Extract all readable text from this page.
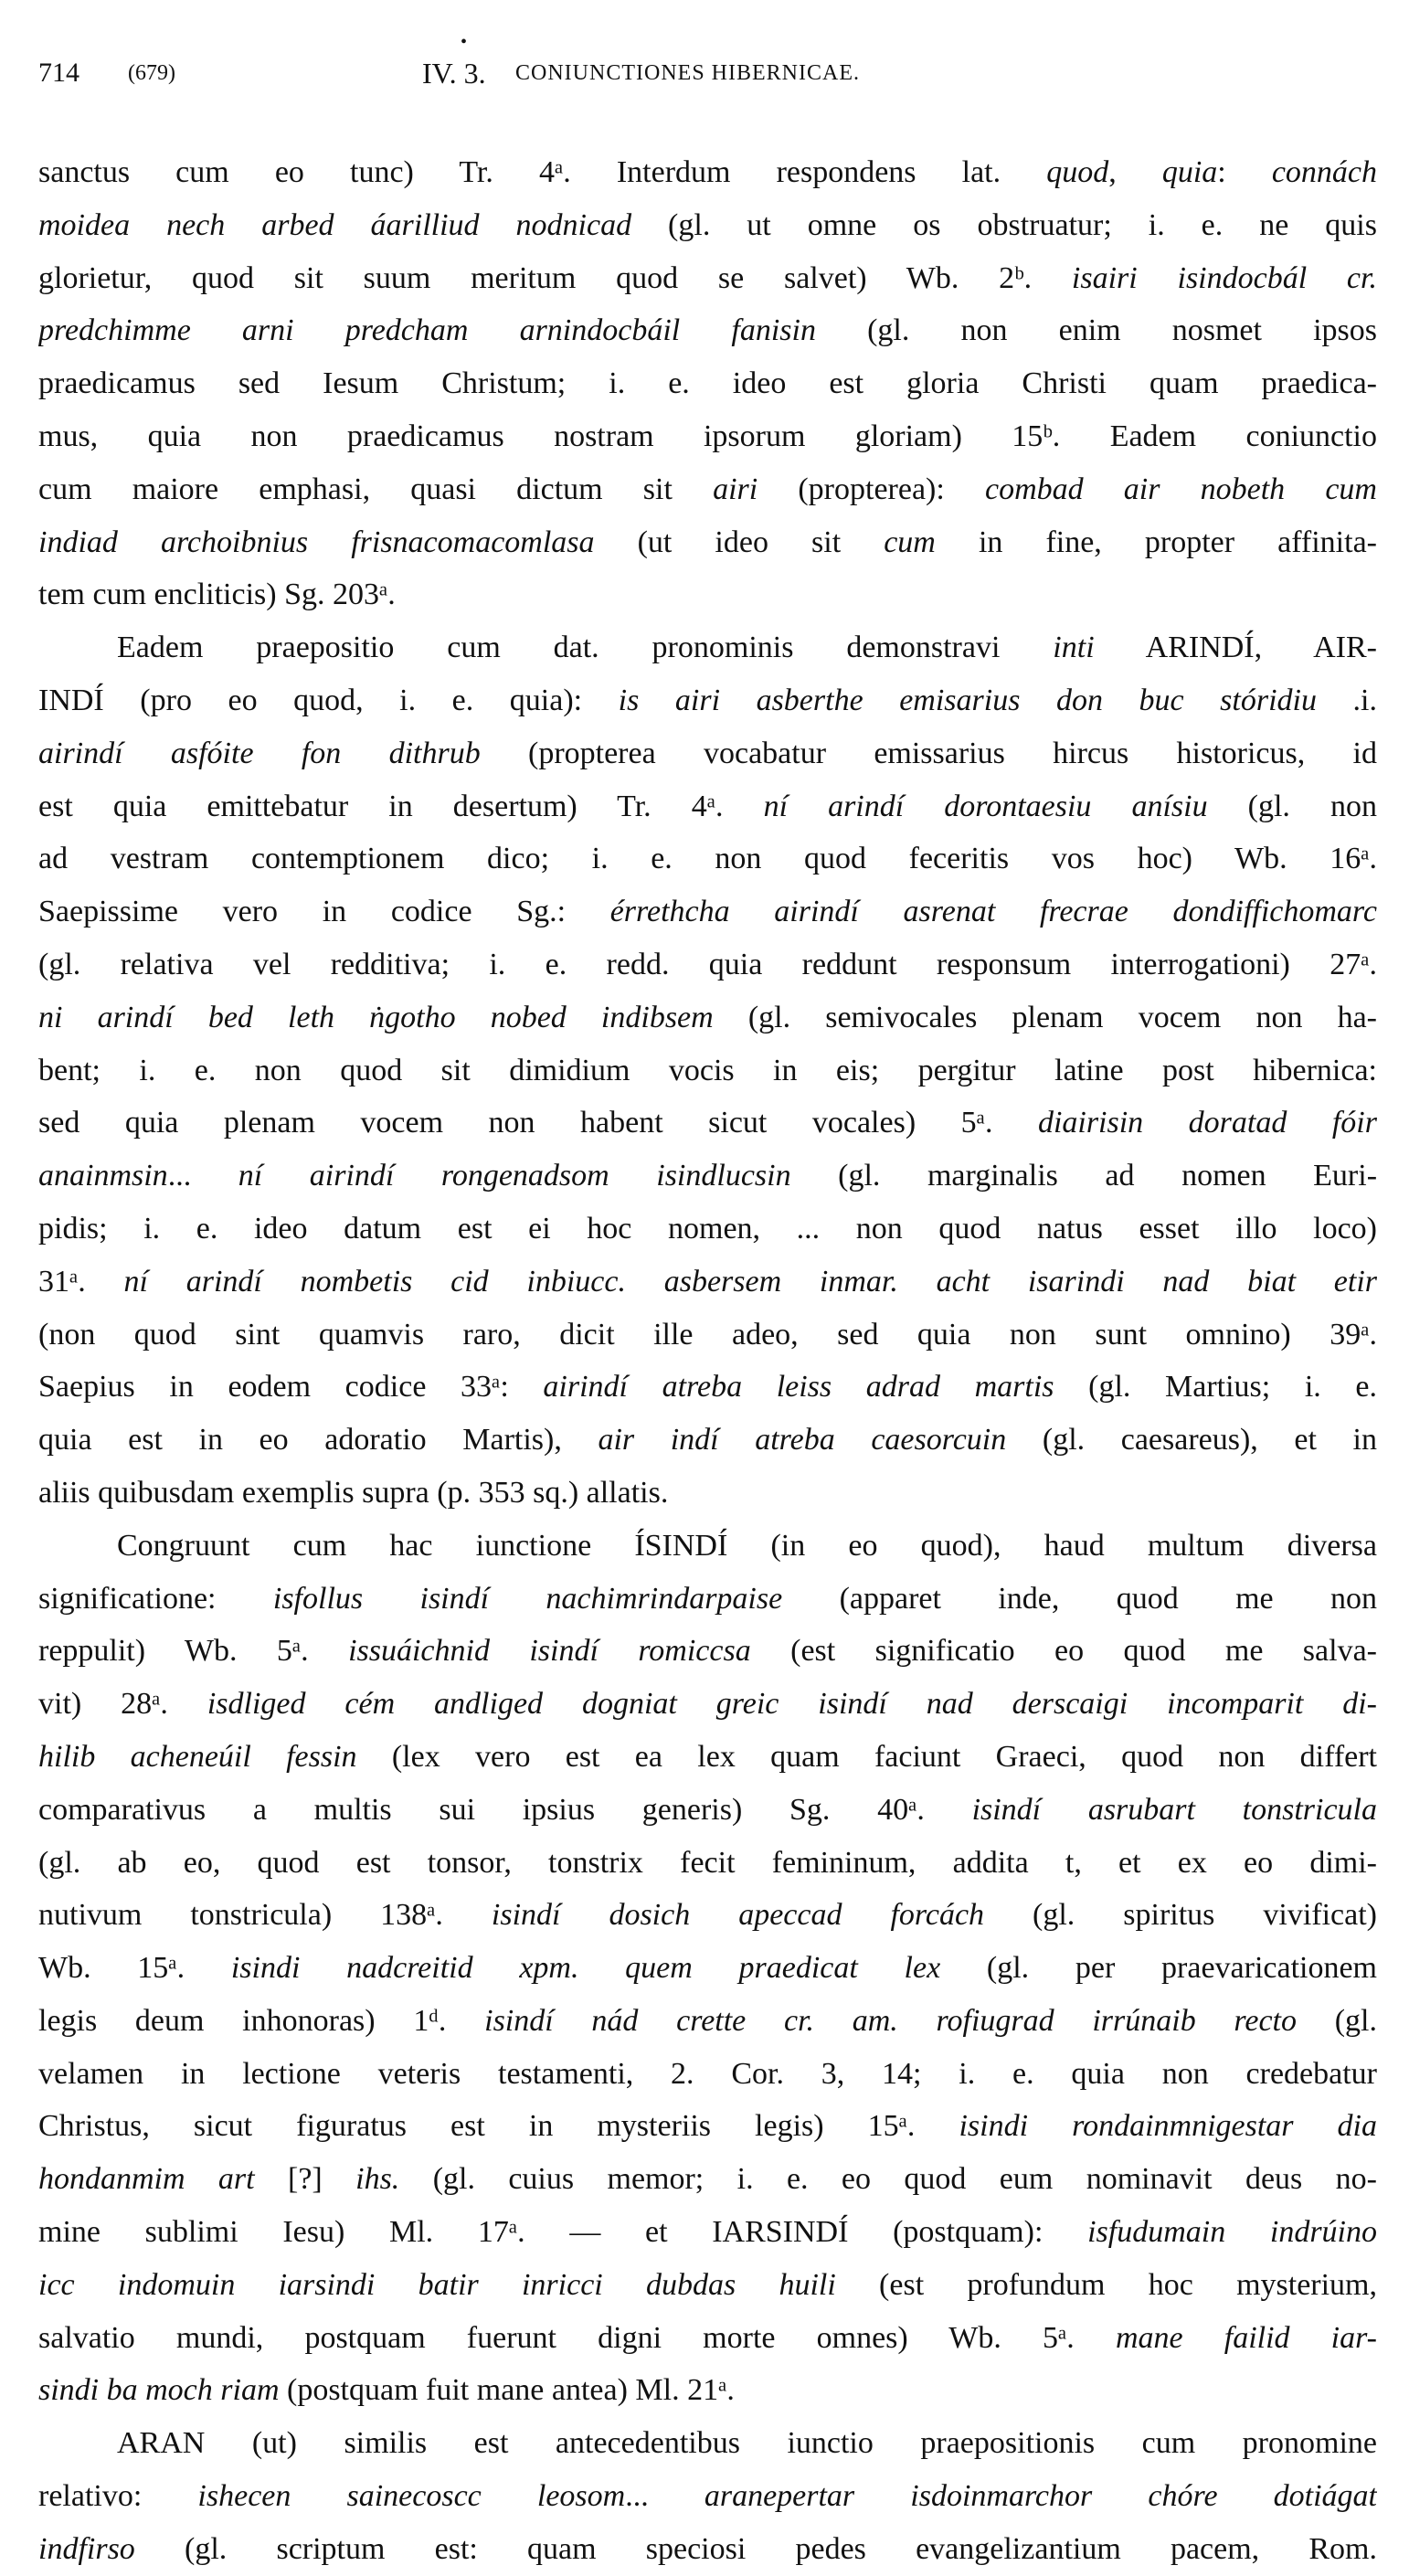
•
714 (679)	IV. 3. CONIUNCTIONES HIBERNICAE.
sanctus cum eo tunc) Tr. 4ᵃ. Interdum respondens lat. quod, quia: connách
moidea nech arbed áarilliud nodnicad (gl. ut omne os obstruatur; i. e. ne quis
glorietur, quod sit suum meritum quod se salvet) Wb. 2ᵇ. isairi isindocbál cr.
predchimme arni predcham arnindocbáil fanisin (gl. non enim nosmet ipsos
praedicamus sed Iesum Christum; i. e. ideo est gloria Christi quam praedica-
mus, quia non praedicamus nostram ipsorum gloriam) 15ᵇ. Eadem coniunctio
cum maiore emphasi, quasi dictum sit airi (propterea): combad air nobeth cum
indiad archoibnius frisnacomacomlasa (ut ideo sit cum in fine, propter affinita-
tem cum encliticis) Sg. 203ᵃ.
Eadem praepositio cum dat. pronominis demonstravi inti ARINDÍ, AIR-
INDÍ (pro eo quod, i. e. quia): is airi asberthe emisarius don buc stóridiu .i.
airindí asfóite fon dithrub (propterea vocabatur emissarius hircus historicus, id
est quia emittebatur in desertum) Tr. 4ᵃ. ní arindí dorontaesiu anísiu (gl. non
ad vestram contemptionem dico; i. e. non quod feceritis vos hoc) Wb. 16ᵃ.
Saepissime vero in codice Sg.: érrethcha airindí asrenat frecrae dondiffichomarc
(gl. relativa vel redditiva; i. e. redd. quia reddunt responsum interrogationi) 27ᵃ.
ni arindí bed leth ṅgotho nobed indibsem (gl. semivocales plenam vocem non ha-
bent; i. e. non quod sit dimidium vocis in eis; pergitur latine post hibernica:
sed quia plenam vocem non habent sicut vocales) 5ᵃ. diairisin doratad fóir
anainmsin... ní airindí rongenadsom isindlucsin (gl. marginalis ad nomen Euri-
pidis; i. e. ideo datum est ei hoc nomen, ... non quod natus esset illo loco)
31ᵃ. ní arindí nombetis cid inbiucc. asbersem inmar. acht isarindi nad biat etir
(non quod sint quamvis raro, dicit ille adeo, sed quia non sunt omnino) 39ᵃ.
Saepius in eodem codice 33ᵃ: airindí atreba leiss adrad martis (gl. Martius; i. e.
quia est in eo adoratio Martis), air indí atreba caesorcuin (gl. caesareus), et in
aliis quibusdam exemplis supra (p. 353 sq.) allatis.
Congruunt cum hac iunctione ÍSINDÍ (in eo quod), haud multum diversa
significatione: isfollus isindí nachimrindarpaise (apparet inde, quod me non
reppulit) Wb. 5ᵃ. issuáichnid isindí romiccsa (est significatio eo quod me salva-
vit) 28ᵃ. isdliged cém andliged dogniat greic isindí nad derscaigi incomparit di-
hilib acheneúil fessin (lex vero est ea lex quam faciunt Graeci, quod non differt
comparativus a multis sui ipsius generis) Sg. 40ᵃ. isindí asrubart tonstricula
(gl. ab eo, quod est tonsor, tonstrix fecit femininum, addita t, et ex eo dimi-
nutivum tonstricula) 138ᵃ. isindí dosich apeccad forcách (gl. spiritus vivificat)
Wb. 15ᵃ. isindi nadcreitid xpm. quem praedicat lex (gl. per praevaricationem
legis deum inhonoras) 1ᵈ. isindí nád crette cr. am. rofiugrad irrúnaib recto (gl.
velamen in lectione veteris testamenti, 2. Cor. 3, 14; i. e. quia non credebatur
Christus, sicut figuratus est in mysteriis legis) 15ᵃ. isindi rondainmnigestar dia
hondanmim art [?] ihs. (gl. cuius memor; i. e. eo quod eum nominavit deus no-
mine sublimi Iesu) Ml. 17ᵃ. — et IARSINDÍ (postquam): isfudumain indrúino
icc indomuin iarsindi batir inricci dubdas huili (est profundum hoc mysterium,
salvatio mundi, postquam fuerunt digni morte omnes) Wb. 5ᵃ. mane failid iar-
sindi ba moch riam (postquam fuit mane antea) Ml. 21ᵃ.
ARAN (ut) similis est antecedentibus iunctio praepositionis cum pronomine
relativo: ishecen sainecoscc leosom... aranepertar isdoinmarchor chóre dotiágat
indfirso (gl. scriptum est: quam speciosi pedes evangelizantium pacem, Rom.
